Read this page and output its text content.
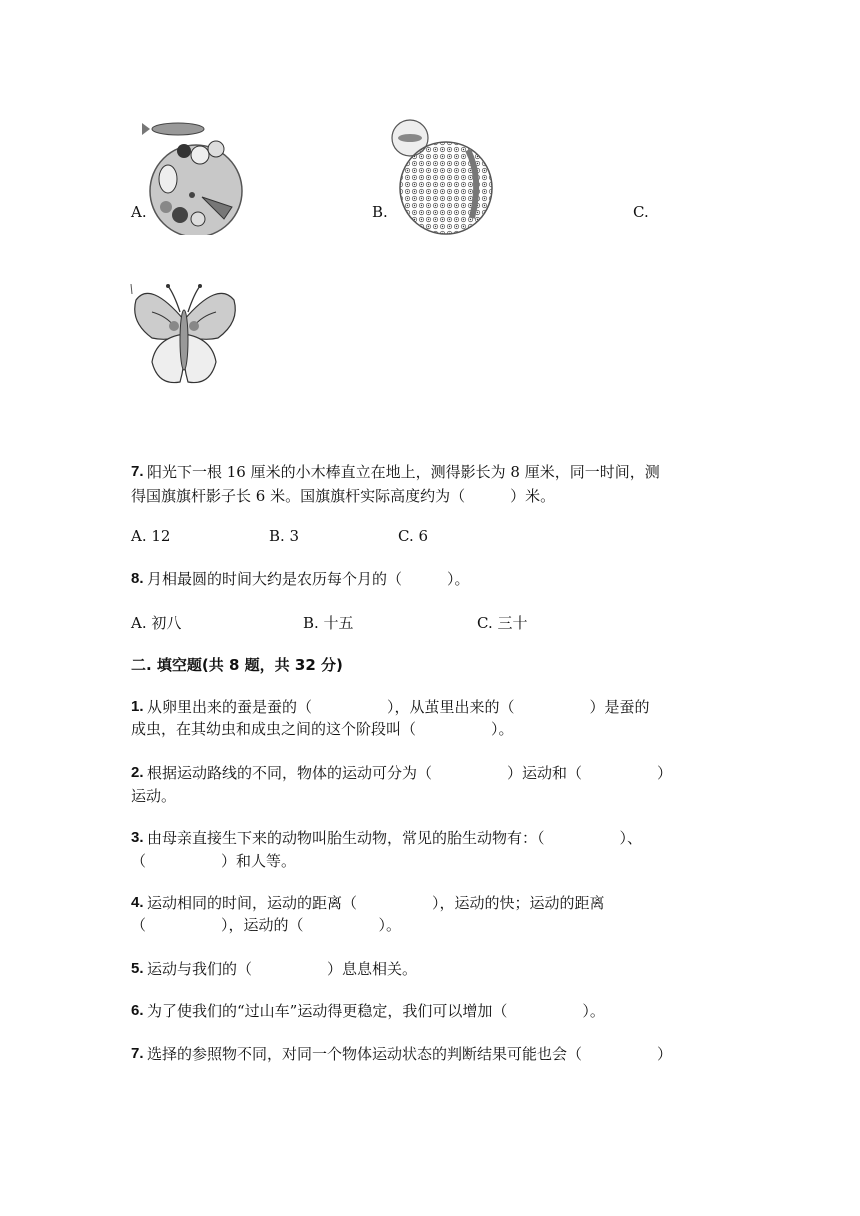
A.	B.	C.
7. 阳光下一根 16 厘米的小木棒直立在地上，测得影长为 8 厘米，同一时间，测
得国旗旗杆影子长 6 米。国旗旗杆实际高度约为（　　　）米。
A. 12	B. 3	C. 6
8. 月相最圆的时间大约是农历每个月的（　　　）。
A. 初八	B. 十五	C. 三十
二. 填空题(共 8 题，共 32 分)
1. 从卵里出来的蚕是蚕的（　　　　　），从茧里出来的（　　　　　）是蚕的
成虫，在其幼虫和成虫之间的这个阶段叫（　　　　　）。
2. 根据运动路线的不同，物体的运动可分为（　　　　　）运动和（　　　　　）
运动。
3. 由母亲直接生下来的动物叫胎生动物，常见的胎生动物有：（　　　　　）、
（　　　　　）和人等。
4. 运动相同的时间，运动的距离（　　　　　），运动的快；运动的距离
（　　　　　），运动的（　　　　　）。
5. 运动与我们的（　　　　　）息息相关。
6. 为了使我们的“过山车”运动得更稳定，我们可以增加（　　　　　）。
7. 选择的参照物不同，对同一个物体运动状态的判断结果可能也会（　　　　　）
